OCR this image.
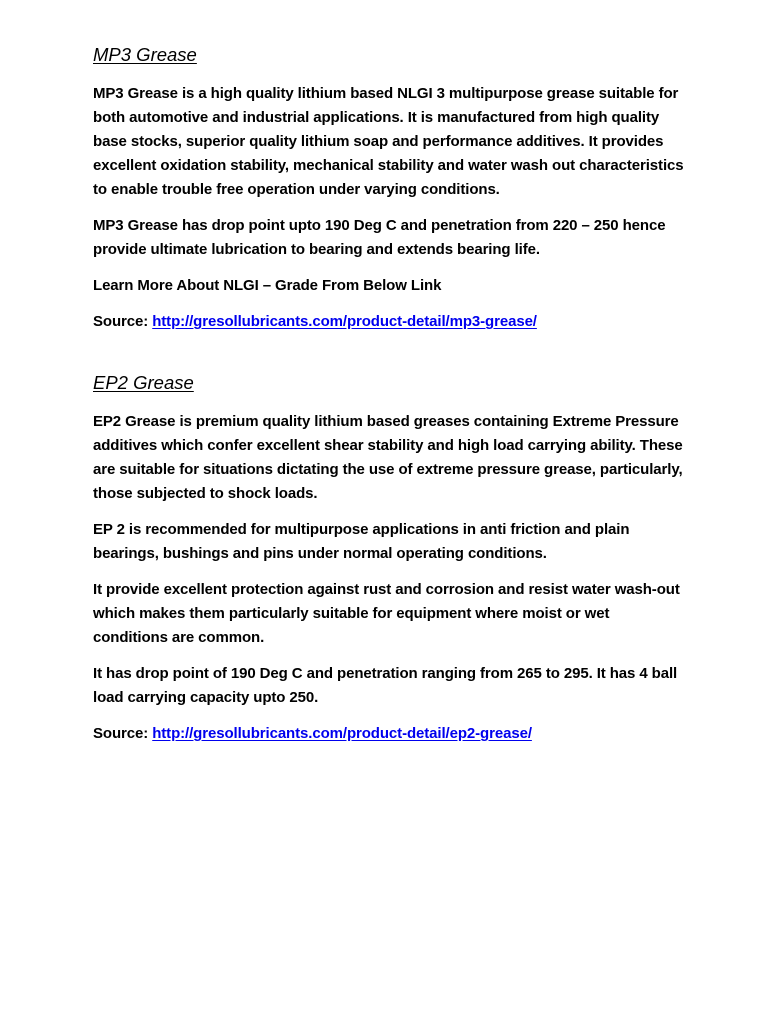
MP3 Grease

MP3 Grease is a high quality lithium based NLGI 3 multipurpose grease suitable for both automotive and industrial applications. It is manufactured from high quality base stocks, superior quality lithium soap and performance additives. It provides excellent oxidation stability, mechanical stability and water wash out characteristics to enable trouble free operation under varying conditions.

MP3 Grease has drop point upto 190 Deg C and penetration from 220 – 250 hence provide ultimate lubrication to bearing and extends bearing life.

Learn More About NLGI – Grade From Below Link

Source: http://gresollubricants.com/product-detail/mp3-grease/

EP2 Grease

EP2 Grease is premium quality lithium based greases containing Extreme Pressure additives which confer excellent shear stability and high load carrying ability. These are suitable for situations dictating the use of extreme pressure grease, particularly, those subjected to shock loads.

EP 2 is recommended for multipurpose applications in anti friction and plain bearings, bushings and pins under normal operating conditions.

It provide excellent protection against rust and corrosion and resist water wash-out which makes them particularly suitable for equipment where moist or wet conditions are common.

It has drop point of 190 Deg C and penetration ranging from 265 to 295. It has 4 ball load carrying capacity upto 250.

Source: http://gresollubricants.com/product-detail/ep2-grease/
